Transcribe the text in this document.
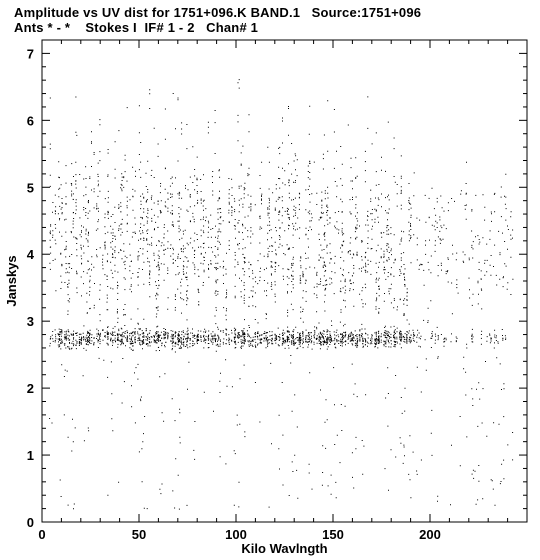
Amplitude vs UV dist for 1751+096.K BAND.1   Source:1751+096
Ants * - *    Stokes I  IF# 1 - 2   Chan# 1
0	50	100	150	200
0
1
2
3
4
5
6
7
Kilo Wavlngth
Janskys
